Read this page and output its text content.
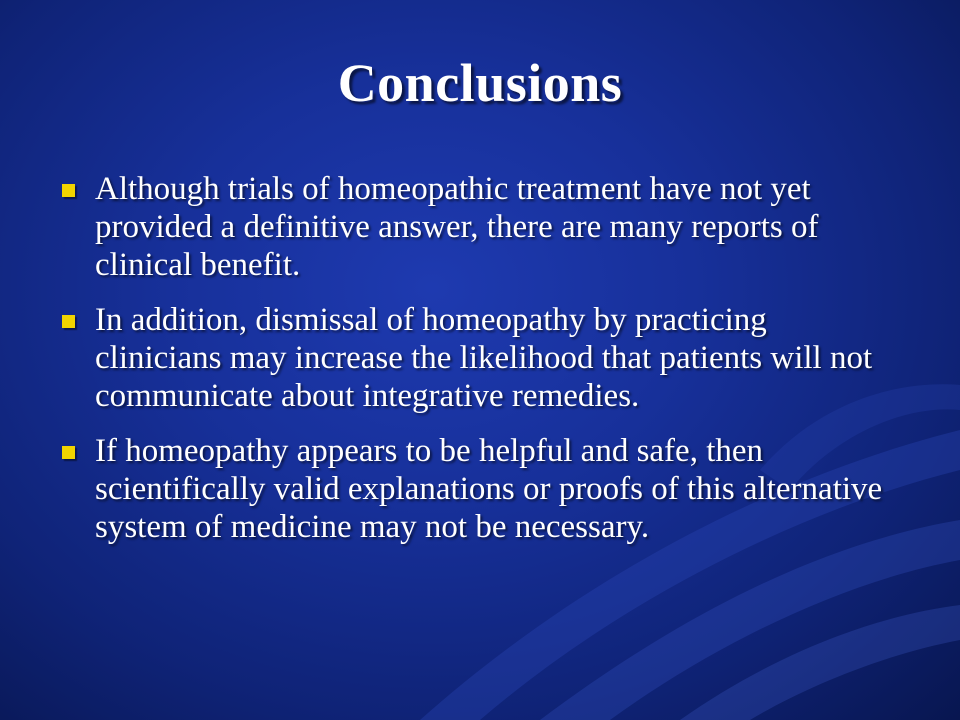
Conclusions
Although trials of homeopathic treatment have not yet provided a definitive answer, there are many reports of clinical benefit.
In addition, dismissal of homeopathy by practicing clinicians may increase the likelihood that patients will not communicate about integrative remedies.
If homeopathy appears to be helpful and safe, then scientifically valid explanations or proofs of this alternative system of medicine may not be necessary.
